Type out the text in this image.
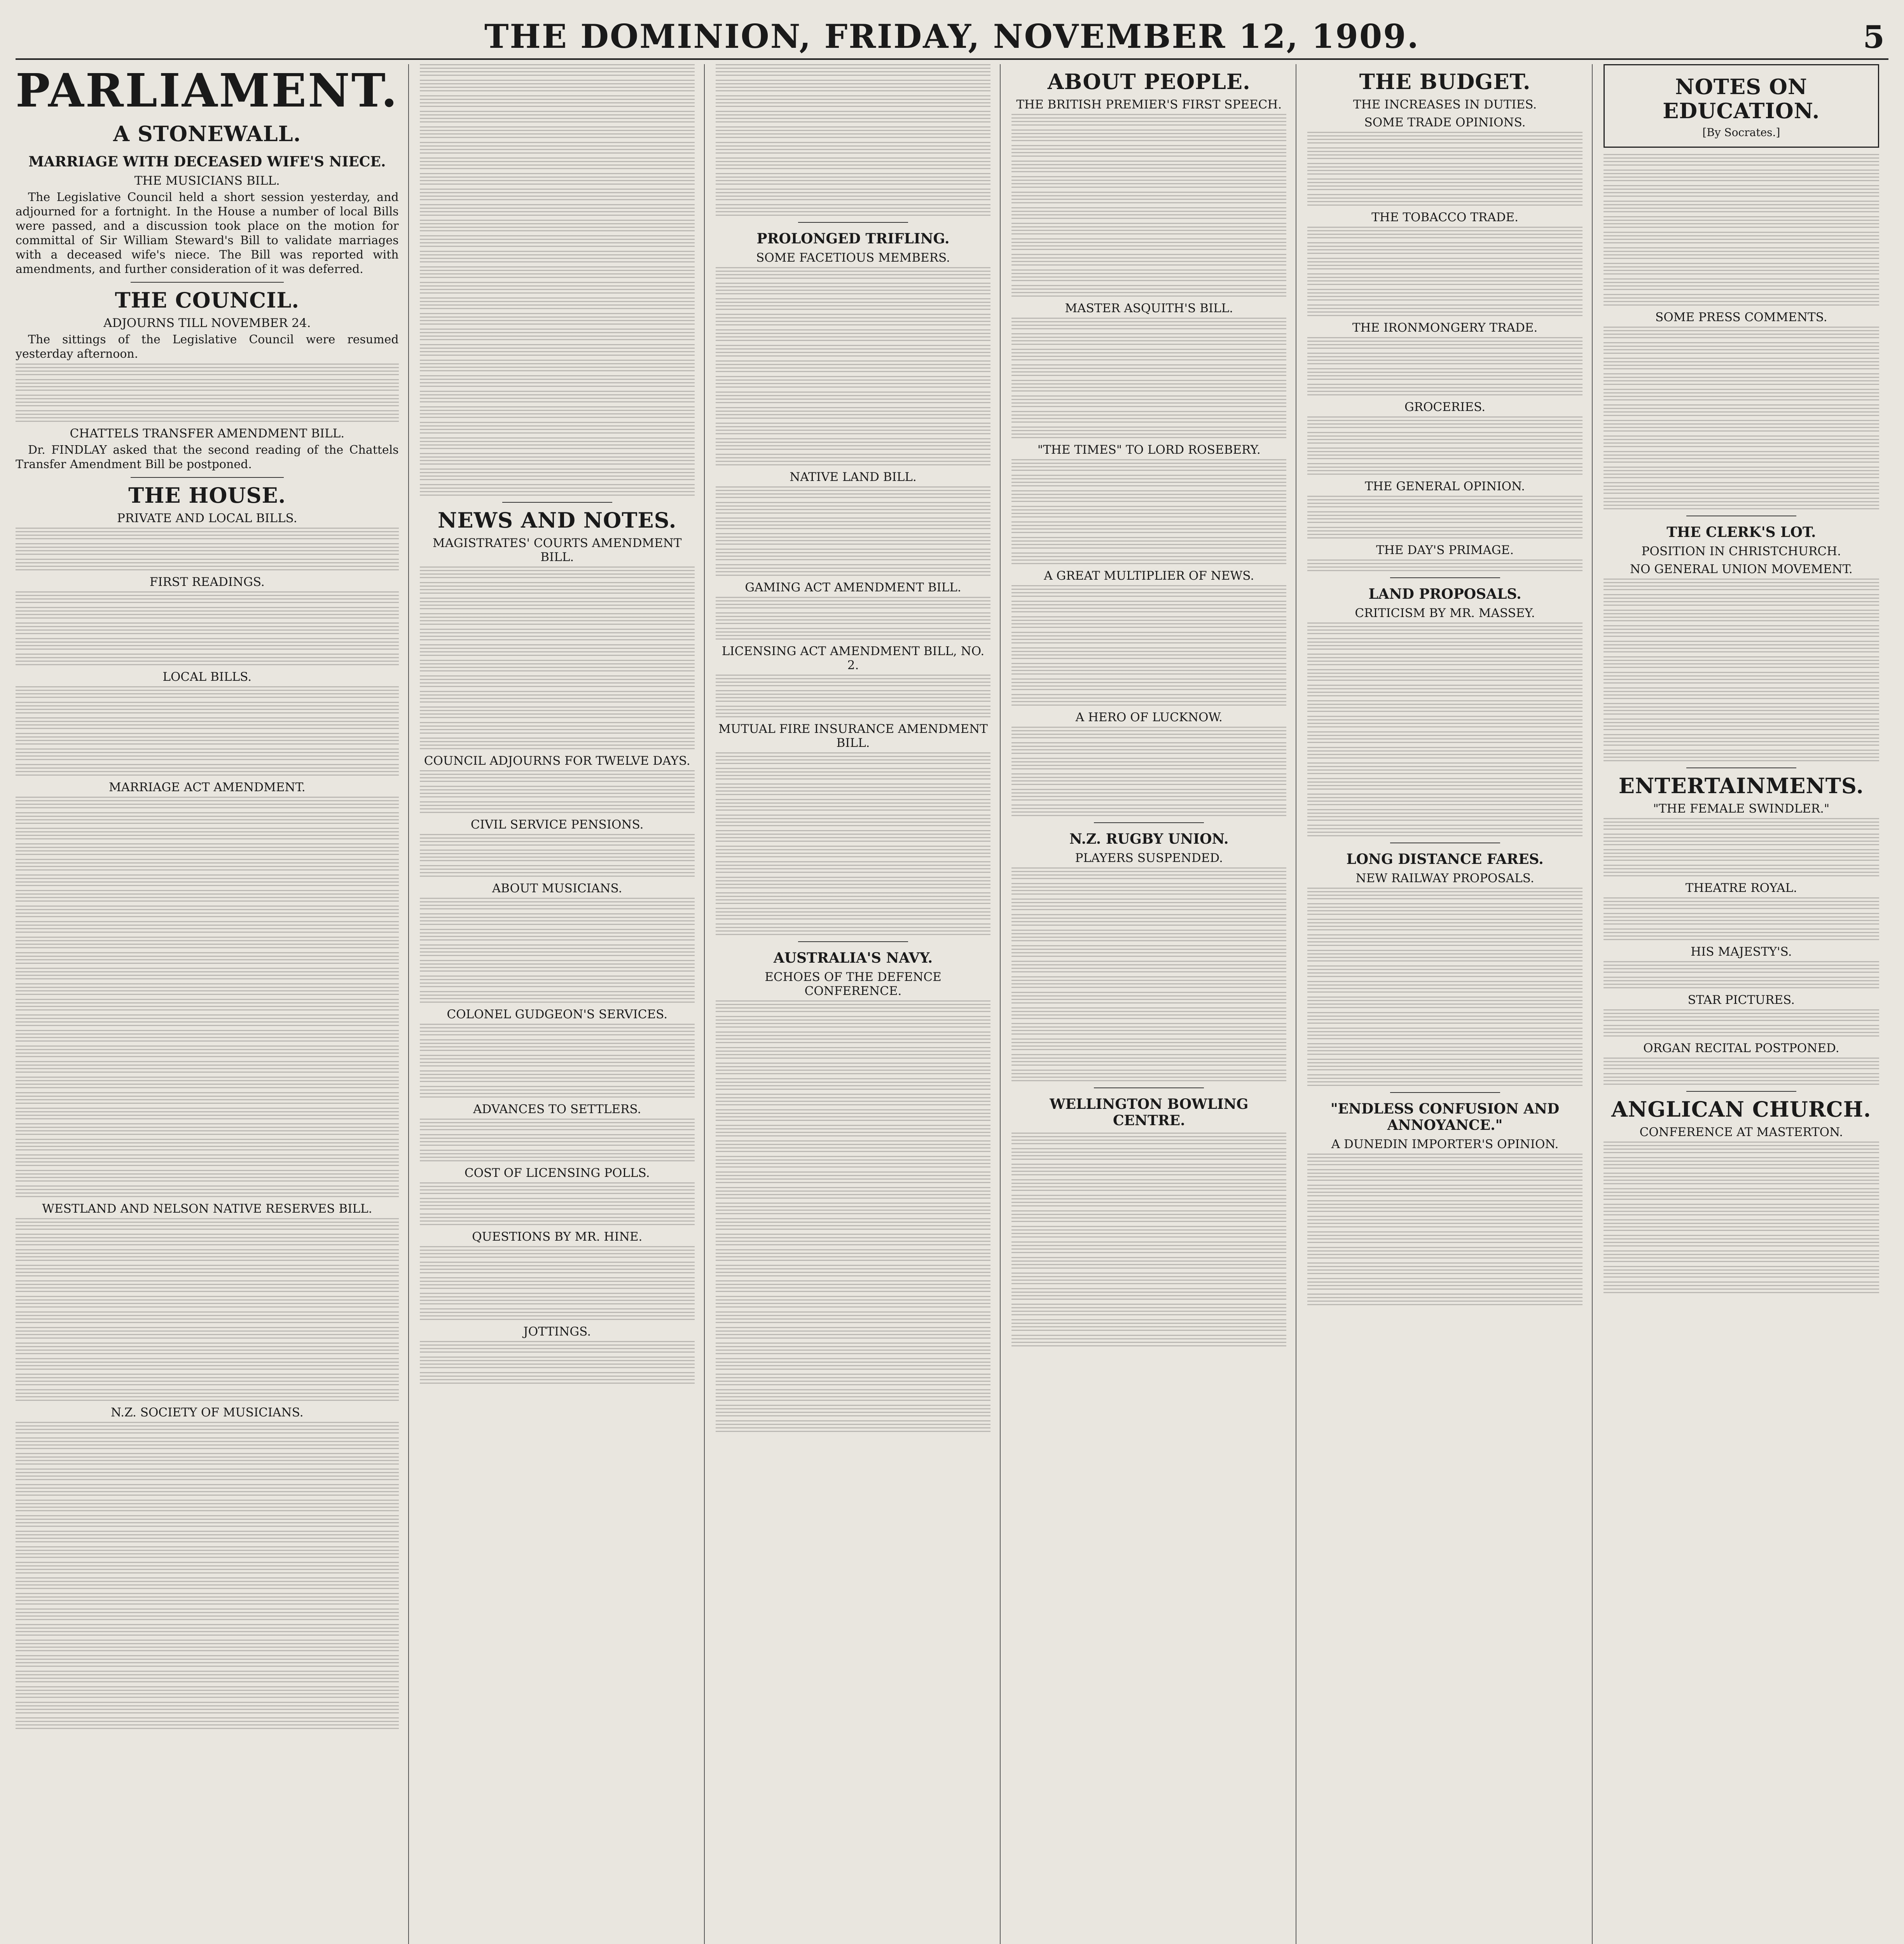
THE DOMINION, FRIDAY, NOVEMBER 12, 1909.	5
PARLIAMENT.
A STONEWALL.
MARRIAGE WITH DECEASED WIFE'S NIECE.
THE MUSICIANS BILL.

The Legislative Council held a short session yesterday, and adjourned for a fortnight. In the House a number of local Bills were passed, and a discussion took place on the motion for committal of Sir William Steward's Bill to validate marriages with a deceased wife's niece. The Bill was reported with amendments, and further consideration of it was deferred.

THE COUNCIL.
ADJOURNS TILL NOVEMBER 24.

The sittings of the Legislative Council were resumed yesterday afternoon.

CHATTELS TRANSFER AMENDMENT BILL.

Dr. FINDLAY asked that the second reading of the Chattels Transfer Amendment Bill be postponed.

THE HOUSE.
PRIVATE AND LOCAL BILLS.
FIRST READINGS.
LOCAL BILLS.
MARRIAGE ACT AMENDMENT.
WESTLAND AND NELSON NATIVE RESERVES BILL.
N.Z. SOCIETY OF MUSICIANS.
NEWS AND NOTES.
MAGISTRATES' COURTS AMENDMENT BILL.
COUNCIL ADJOURNS FOR TWELVE DAYS.
CIVIL SERVICE PENSIONS.
ABOUT MUSICIANS.
COLONEL GUDGEON'S SERVICES.
ADVANCES TO SETTLERS.
COST OF LICENSING POLLS.
QUESTIONS BY MR. HINE.
JOTTINGS.
PROLONGED TRIFLING.
SOME FACETIOUS MEMBERS.
NATIVE LAND BILL.
GAMING ACT AMENDMENT BILL.
LICENSING ACT AMENDMENT BILL, NO. 2.
MUTUAL FIRE INSURANCE AMENDMENT BILL.
AUSTRALIA'S NAVY.
ECHOES OF THE DEFENCE CONFERENCE.
ABOUT PEOPLE.
THE BRITISH PREMIER'S FIRST SPEECH.
MASTER ASQUITH'S BILL.
"THE TIMES" TO LORD ROSEBERY.
A GREAT MULTIPLIER OF NEWS.
A HERO OF LUCKNOW.
N.Z. RUGBY UNION.
PLAYERS SUSPENDED.
WELLINGTON BOWLING CENTRE.
THE BUDGET.
THE INCREASES IN DUTIES.
SOME TRADE OPINIONS.
THE TOBACCO TRADE.
THE IRONMONGERY TRADE.
GROCERIES.
THE GENERAL OPINION.
THE DAY'S PRIMAGE.
LAND PROPOSALS.
CRITICISM BY MR. MASSEY.
LONG DISTANCE FARES.
NEW RAILWAY PROPOSALS.
"ENDLESS CONFUSION AND ANNOYANCE."
A DUNEDIN IMPORTER'S OPINION.
NOTES ON EDUCATION.
[By Socrates.]
SOME PRESS COMMENTS.
THE CLERK'S LOT.
POSITION IN CHRISTCHURCH.
NO GENERAL UNION MOVEMENT.
ENTERTAINMENTS.
"THE FEMALE SWINDLER."
THEATRE ROYAL.
HIS MAJESTY'S.
STAR PICTURES.
ORGAN RECITAL POSTPONED.
ANGLICAN CHURCH.
CONFERENCE AT MASTERTON.
